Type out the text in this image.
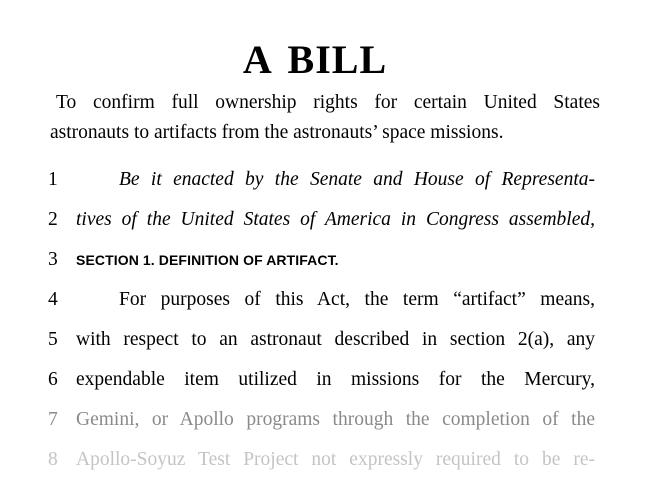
A BILL
To confirm full ownership rights for certain United States
astronauts to artifacts from the astronauts’ space missions.
1	Be it enacted by the Senate and House of Representa-
2 tives of the United States of America in Congress assembled,
3	SECTION 1. DEFINITION OF ARTIFACT.
4	For purposes of this Act, the term “artifact” means,
5 with respect to an astronaut described in section 2(a), any
6 expendable item utilized in missions for the Mercury,
7 Gemini, or Apollo programs through the completion of the
8 Apollo-Soyuz Test Project not expressly required to be re-
